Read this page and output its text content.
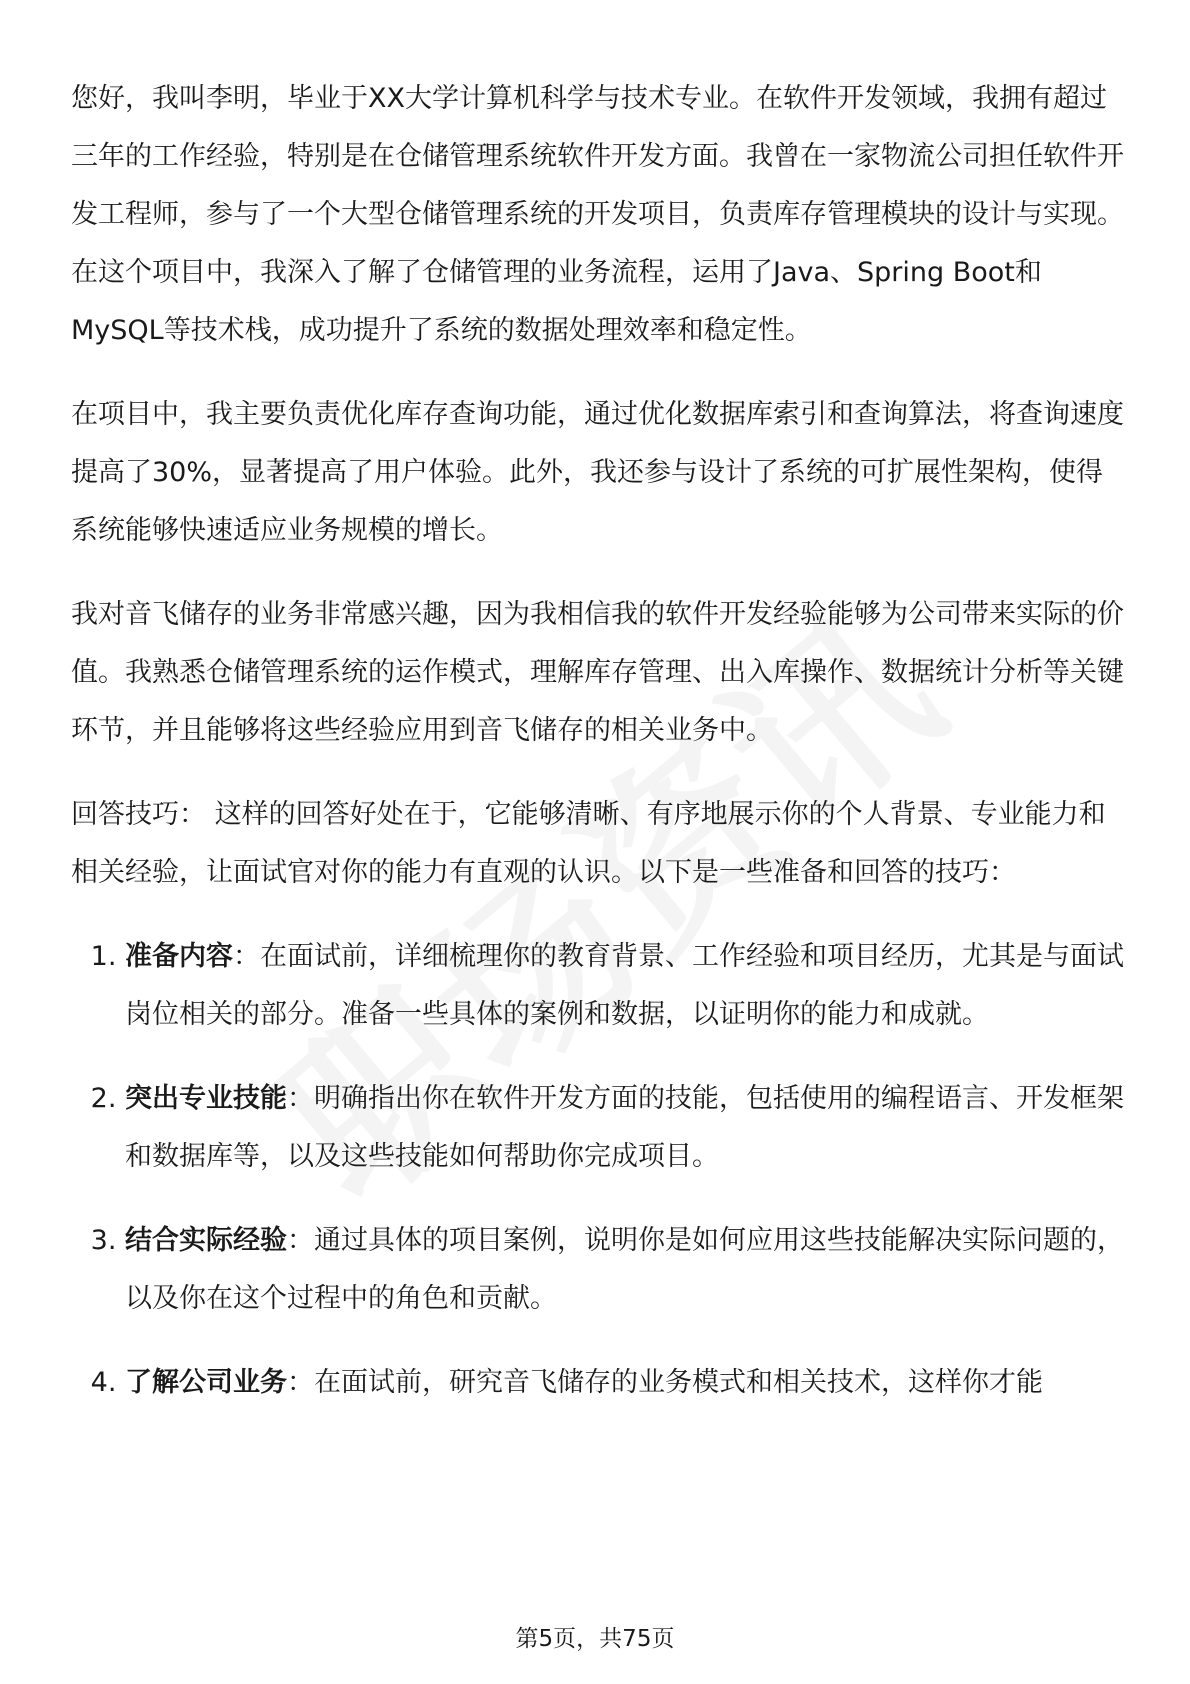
您好，我叫李明，毕业于XX大学计算机科学与技术专业。在软件开发领域，我拥有超过三年的工作经验，特别是在仓储管理系统软件开发方面。我曾在一家物流公司担任软件开发工程师，参与了一个大型仓储管理系统的开发项目，负责库存管理模块的设计与实现。在这个项目中，我深入了解了仓储管理的业务流程，运用了Java、Spring Boot和MySQL等技术栈，成功提升了系统的数据处理效率和稳定性。

在项目中，我主要负责优化库存查询功能，通过优化数据库索引和查询算法，将查询速度提高了30%，显著提高了用户体验。此外，我还参与设计了系统的可扩展性架构，使得系统能够快速适应业务规模的增长。

我对音飞储存的业务非常感兴趣，因为我相信我的软件开发经验能够为公司带来实际的价值。我熟悉仓储管理系统的运作模式，理解库存管理、出入库操作、数据统计分析等关键环节，并且能够将这些经验应用到音飞储存的相关业务中。

回答技巧： 这样的回答好处在于，它能够清晰、有序地展示你的个人背景、专业能力和相关经验，让面试官对你的能力有直观的认识。以下是一些准备和回答的技巧：

1. 准备内容：在面试前，详细梳理你的教育背景、工作经验和项目经历，尤其是与面试岗位相关的部分。准备一些具体的案例和数据，以证明你的能力和成就。
2. 突出专业技能：明确指出你在软件开发方面的技能，包括使用的编程语言、开发框架和数据库等，以及这些技能如何帮助你完成项目。
3. 结合实际经验：通过具体的项目案例，说明你是如何应用这些技能解决实际问题的，以及你在这个过程中的角色和贡献。
4. 了解公司业务：在面试前，研究音飞储存的业务模式和相关技术，这样你才能
第5页，共75页
